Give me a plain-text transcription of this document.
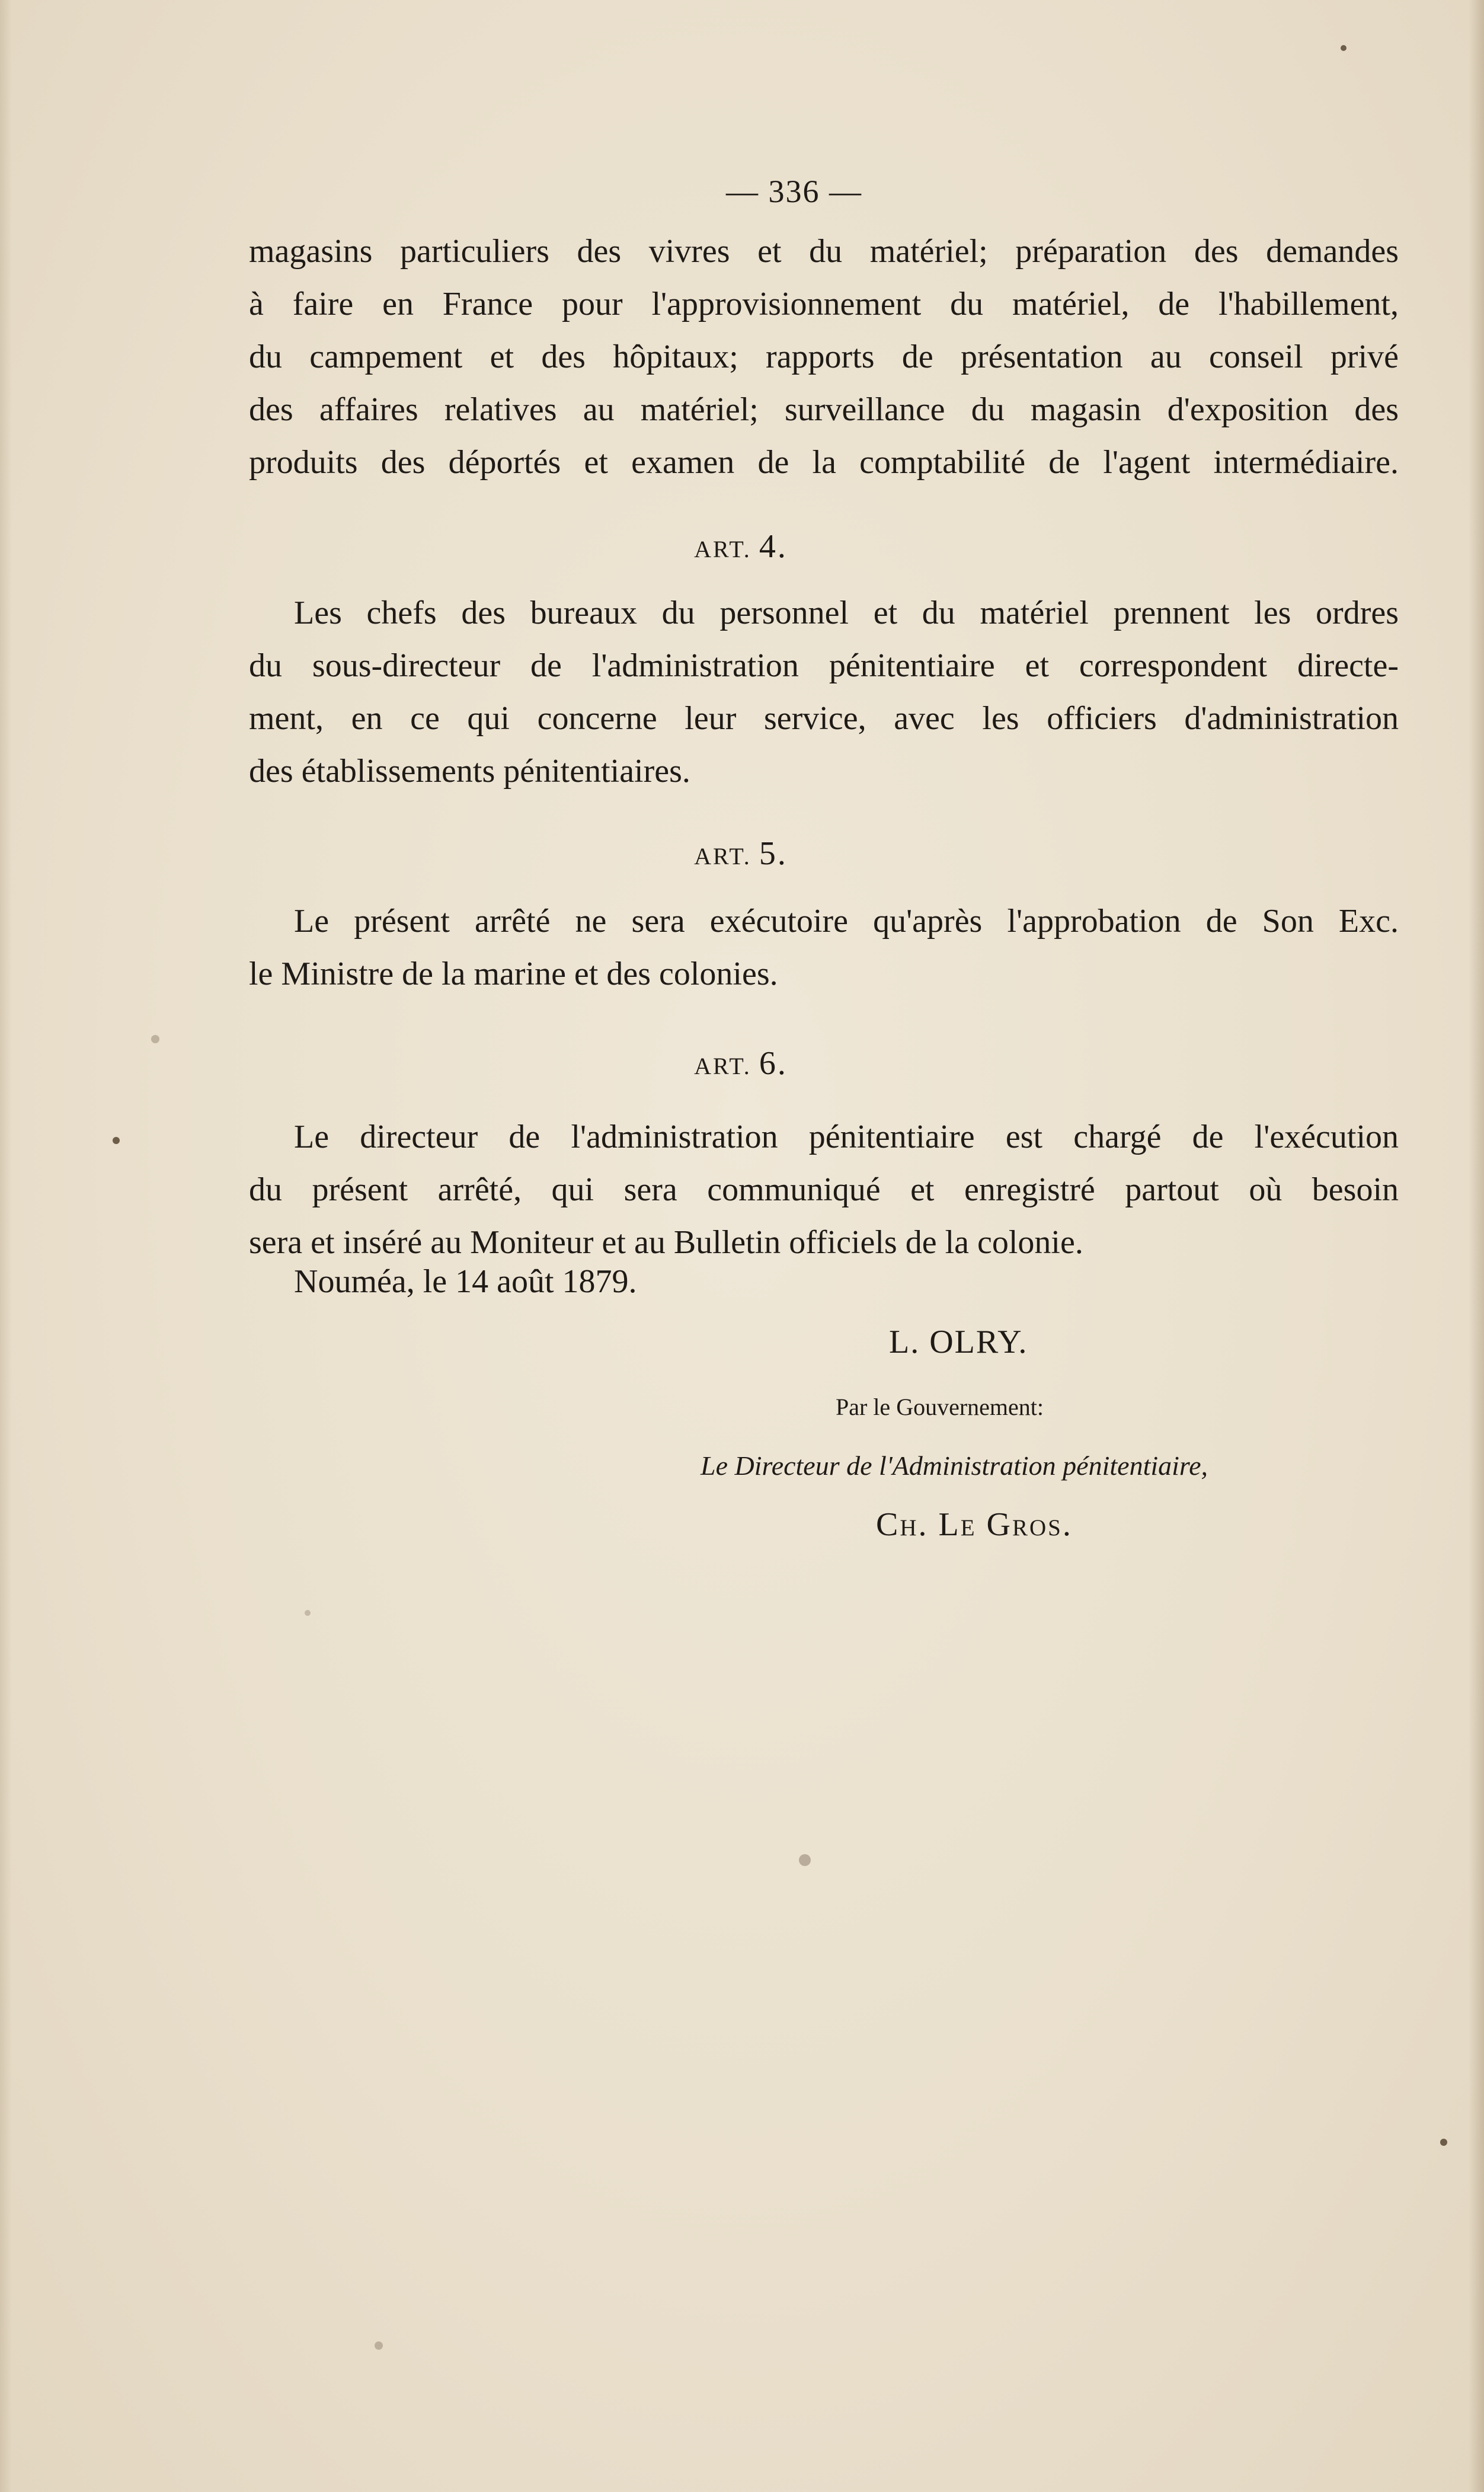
— 336 —
magasins particuliers des vivres et du matériel; préparation des demandes
à faire en France pour l'approvisionnement du matériel, de l'habillement,
du campement et des hôpitaux; rapports de présentation au conseil privé
des affaires relatives au matériel; surveillance du magasin d'exposition des
produits des déportés et examen de la comptabilité de l'agent intermédiaire.
ART. 4.
Les chefs des bureaux du personnel et du matériel prennent les ordres
du sous-directeur de l'administration pénitentiaire et correspondent directe-
ment, en ce qui concerne leur service, avec les officiers d'administration
des établissements pénitentiaires.
ART. 5.
Le présent arrêté ne sera exécutoire qu'après l'approbation de Son Exc.
le Ministre de la marine et des colonies.
ART. 6.
Le directeur de l'administration pénitentiaire est chargé de l'exécution
du présent arrêté, qui sera communiqué et enregistré partout où besoin
sera et inséré au Moniteur et au Bulletin officiels de la colonie.
Nouméa, le 14 août 1879.
L. OLRY.
Par le Gouvernement:
Le Directeur de l'Administration pénitentiaire,
Ch. Le Gros.
